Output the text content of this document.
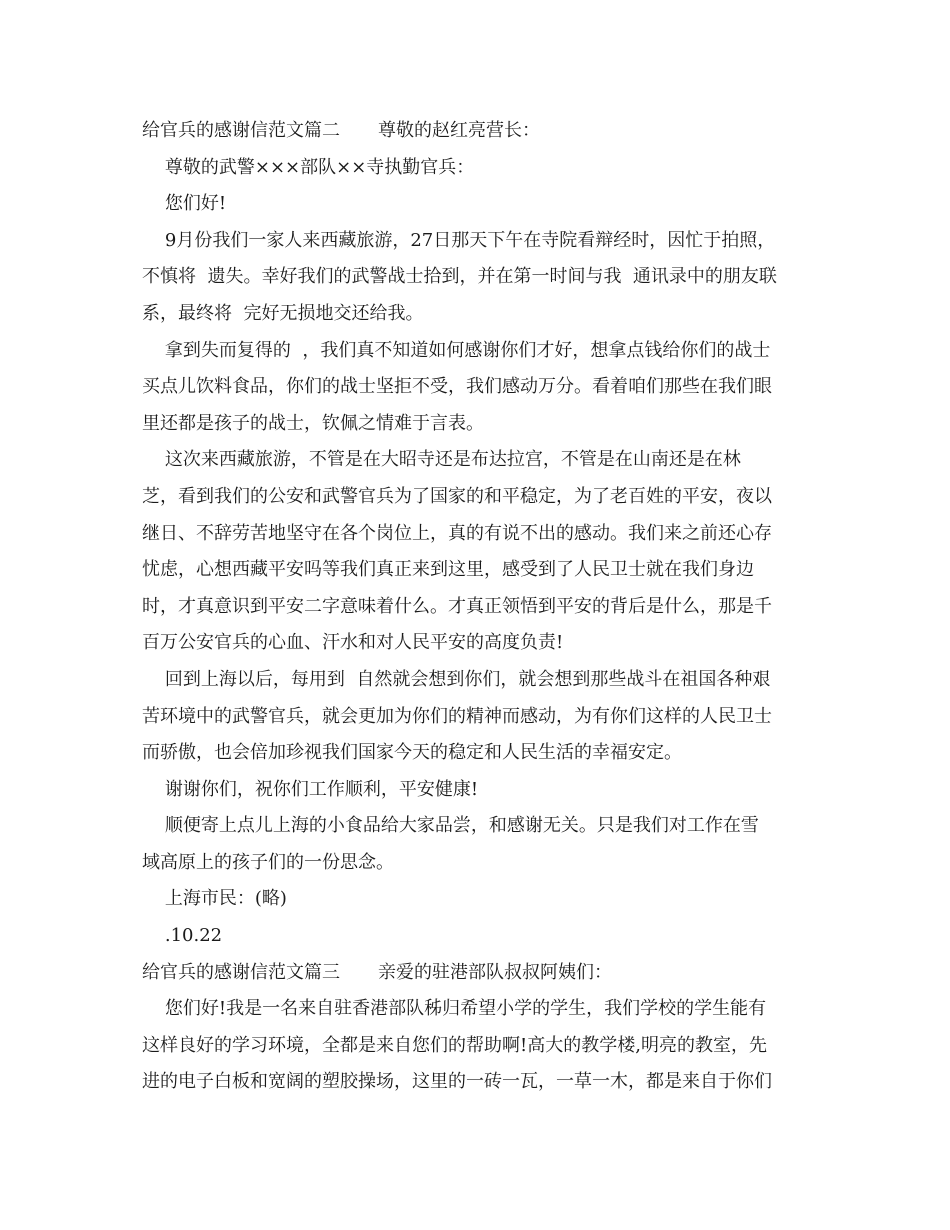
给官兵的感谢信范文篇二 尊敬的赵红亮营长：

尊敬的武警×××部队××寺执勤官兵：

您们好!

9月份我们一家人来西藏旅游，27日那天下午在寺院看辩经时，因忙于拍照，

不慎将  遗失。幸好我们的武警战士拾到，并在第一时间与我  通讯录中的朋友联

系，最终将  完好无损地交还给我。

拿到失而复得的  ，我们真不知道如何感谢你们才好，想拿点钱给你们的战士

买点儿饮料食品，你们的战士坚拒不受，我们感动万分。看着咱们那些在我们眼

里还都是孩子的战士，钦佩之情难于言表。

这次来西藏旅游，不管是在大昭寺还是布达拉宫，不管是在山南还是在林

芝，看到我们的公安和武警官兵为了国家的和平稳定，为了老百姓的平安，夜以

继日、不辞劳苦地坚守在各个岗位上，真的有说不出的感动。我们来之前还心存

忧虑，心想西藏平安吗等我们真正来到这里，感受到了人民卫士就在我们身边

时，才真意识到平安二字意味着什么。才真正领悟到平安的背后是什么，那是千

百万公安官兵的心血、汗水和对人民平安的高度负责!

回到上海以后，每用到  自然就会想到你们，就会想到那些战斗在祖国各种艰

苦环境中的武警官兵，就会更加为你们的精神而感动，为有你们这样的人民卫士

而骄傲，也会倍加珍视我们国家今天的稳定和人民生活的幸福安定。

谢谢你们，祝你们工作顺利，平安健康!

顺便寄上点儿上海的小食品给大家品尝，和感谢无关。只是我们对工作在雪

域高原上的孩子们的一份思念。

上海市民：(略)

.10.22

给官兵的感谢信范文篇三 亲爱的驻港部队叔叔阿姨们：

您们好!我是一名来自驻香港部队秭归希望小学的学生，我们学校的学生能有

这样良好的学习环境，全都是来自您们的帮助啊!高大的教学楼,明亮的教室，先

进的电子白板和宽阔的塑胶操场，这里的一砖一瓦，一草一木，都是来自于你们
